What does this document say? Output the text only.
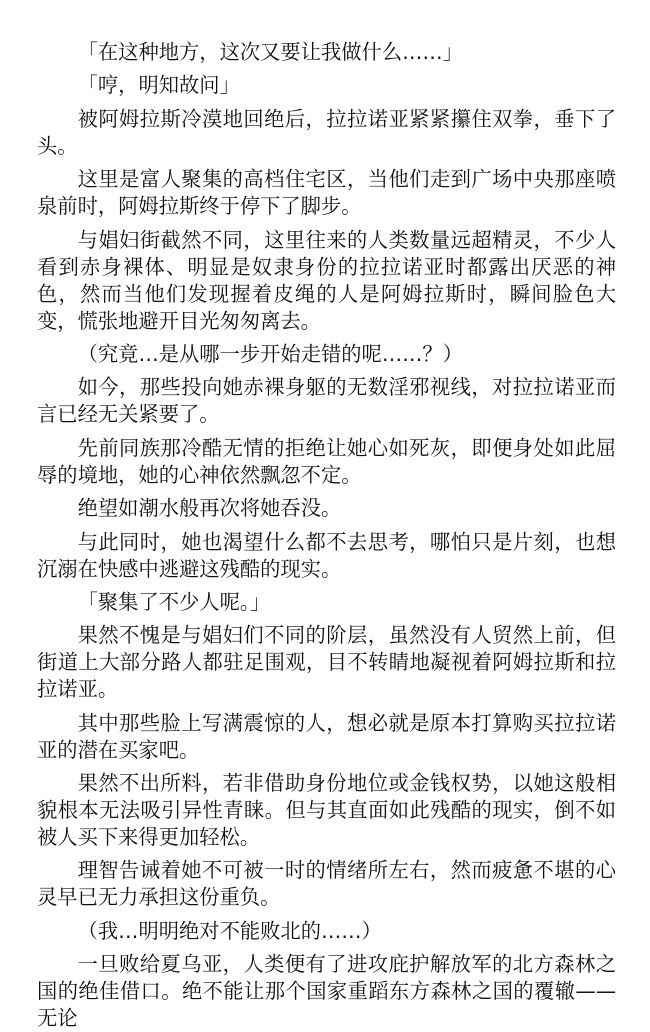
「在这种地方，这次又要让我做什么……」

「哼，明知故问」

被阿姆拉斯冷漠地回绝后，拉拉诺亚紧紧攥住双拳，垂下了头。

这里是富人聚集的高档住宅区，当他们走到广场中央那座喷泉前时，阿姆拉斯终于停下了脚步。

与娼妇街截然不同，这里往来的人类数量远超精灵，不少人看到赤身裸体、明显是奴隶身份的拉拉诺亚时都露出厌恶的神色，然而当他们发现握着皮绳的人是阿姆拉斯时，瞬间脸色大变，慌张地避开目光匆匆离去。

（究竟…是从哪一步开始走错的呢……？）

如今，那些投向她赤裸身躯的无数淫邪视线，对拉拉诺亚而言已经无关紧要了。

先前同族那冷酷无情的拒绝让她心如死灰，即便身处如此屈辱的境地，她的心神依然飘忽不定。

绝望如潮水般再次将她吞没。

与此同时，她也渴望什么都不去思考，哪怕只是片刻，也想沉溺在快感中逃避这残酷的现实。

「聚集了不少人呢。」

果然不愧是与娼妇们不同的阶层，虽然没有人贸然上前，但街道上大部分路人都驻足围观，目不转睛地凝视着阿姆拉斯和拉拉诺亚。

其中那些脸上写满震惊的人，想必就是原本打算购买拉拉诺亚的潜在买家吧。

果然不出所料，若非借助身份地位或金钱权势，以她这般相貌根本无法吸引异性青睐。但与其直面如此残酷的现实，倒不如被人买下来得更加轻松。

理智告诫着她不可被一时的情绪所左右，然而疲惫不堪的心灵早已无力承担这份重负。

（我…明明绝对不能败北的……）

一旦败给夏乌亚，人类便有了进攻庇护解放军的北方森林之国的绝佳借口。绝不能让那个国家重蹈东方森林之国的覆辙——无论
